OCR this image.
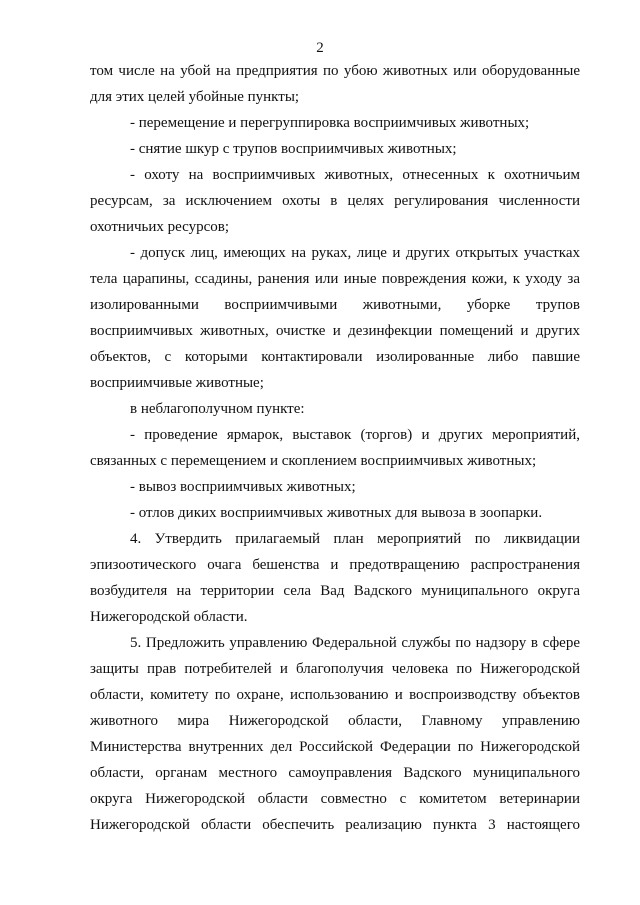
2
том числе на убой на предприятия по убою животных или оборудованные
для этих целей убойные пункты;
- перемещение и перегруппировка восприимчивых животных;
- снятие шкур с трупов восприимчивых животных;
- охоту на восприимчивых животных, отнесенных к охотничьим
ресурсам, за исключением охоты в целях регулирования численности
охотничьих ресурсов;
- допуск лиц, имеющих на руках, лице и других открытых участках
тела царапины, ссадины, ранения или иные повреждения кожи, к уходу за
изолированными восприимчивыми животными, уборке трупов
восприимчивых животных, очистке и дезинфекции помещений и других
объектов, с которыми контактировали изолированные либо павшие
восприимчивые животные;
в неблагополучном пункте:
- проведение ярмарок, выставок (торгов) и других мероприятий,
связанных с перемещением и скоплением восприимчивых животных;
- вывоз восприимчивых животных;
- отлов диких восприимчивых животных для вывоза в зоопарки.
4. Утвердить прилагаемый план мероприятий по ликвидации
эпизоотического очага бешенства и предотвращению распространения
возбудителя на территории села Вад Вадского муниципального округа
Нижегородской области.
5. Предложить управлению Федеральной службы по надзору в сфере
защиты прав потребителей и благополучия человека по Нижегородской
области, комитету по охране, использованию и воспроизводству объектов
животного мира Нижегородской области, Главному управлению
Министерства внутренних дел Российской Федерации по Нижегородской
области, органам местного самоуправления Вадского муниципального
округа Нижегородской области совместно с комитетом ветеринарии
Нижегородской области обеспечить реализацию пункта 3 настоящего
